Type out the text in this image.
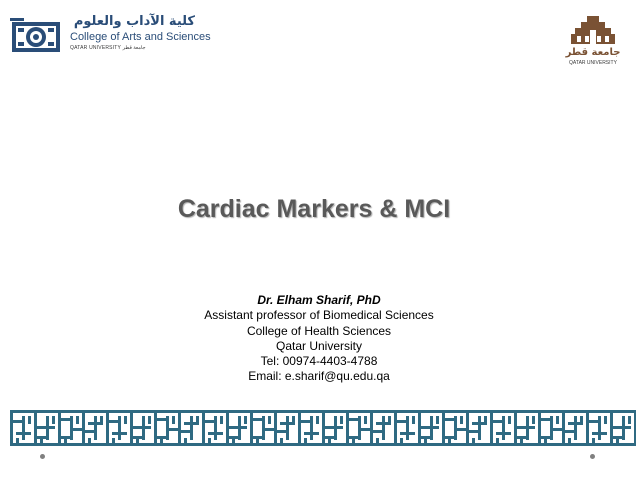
كلية الآداب والعلوم
College of Arts and Sciences
QATAR UNIVERSITY جامعة قطر	جامعة قطر
QATAR UNIVERSITY
Cardiac Markers & MCI
Dr. Elham Sharif, PhD
Assistant professor of Biomedical Sciences
College of Health Sciences
Qatar University
Tel: 00974-4403-4788
Email: e.sharif@qu.edu.qa
